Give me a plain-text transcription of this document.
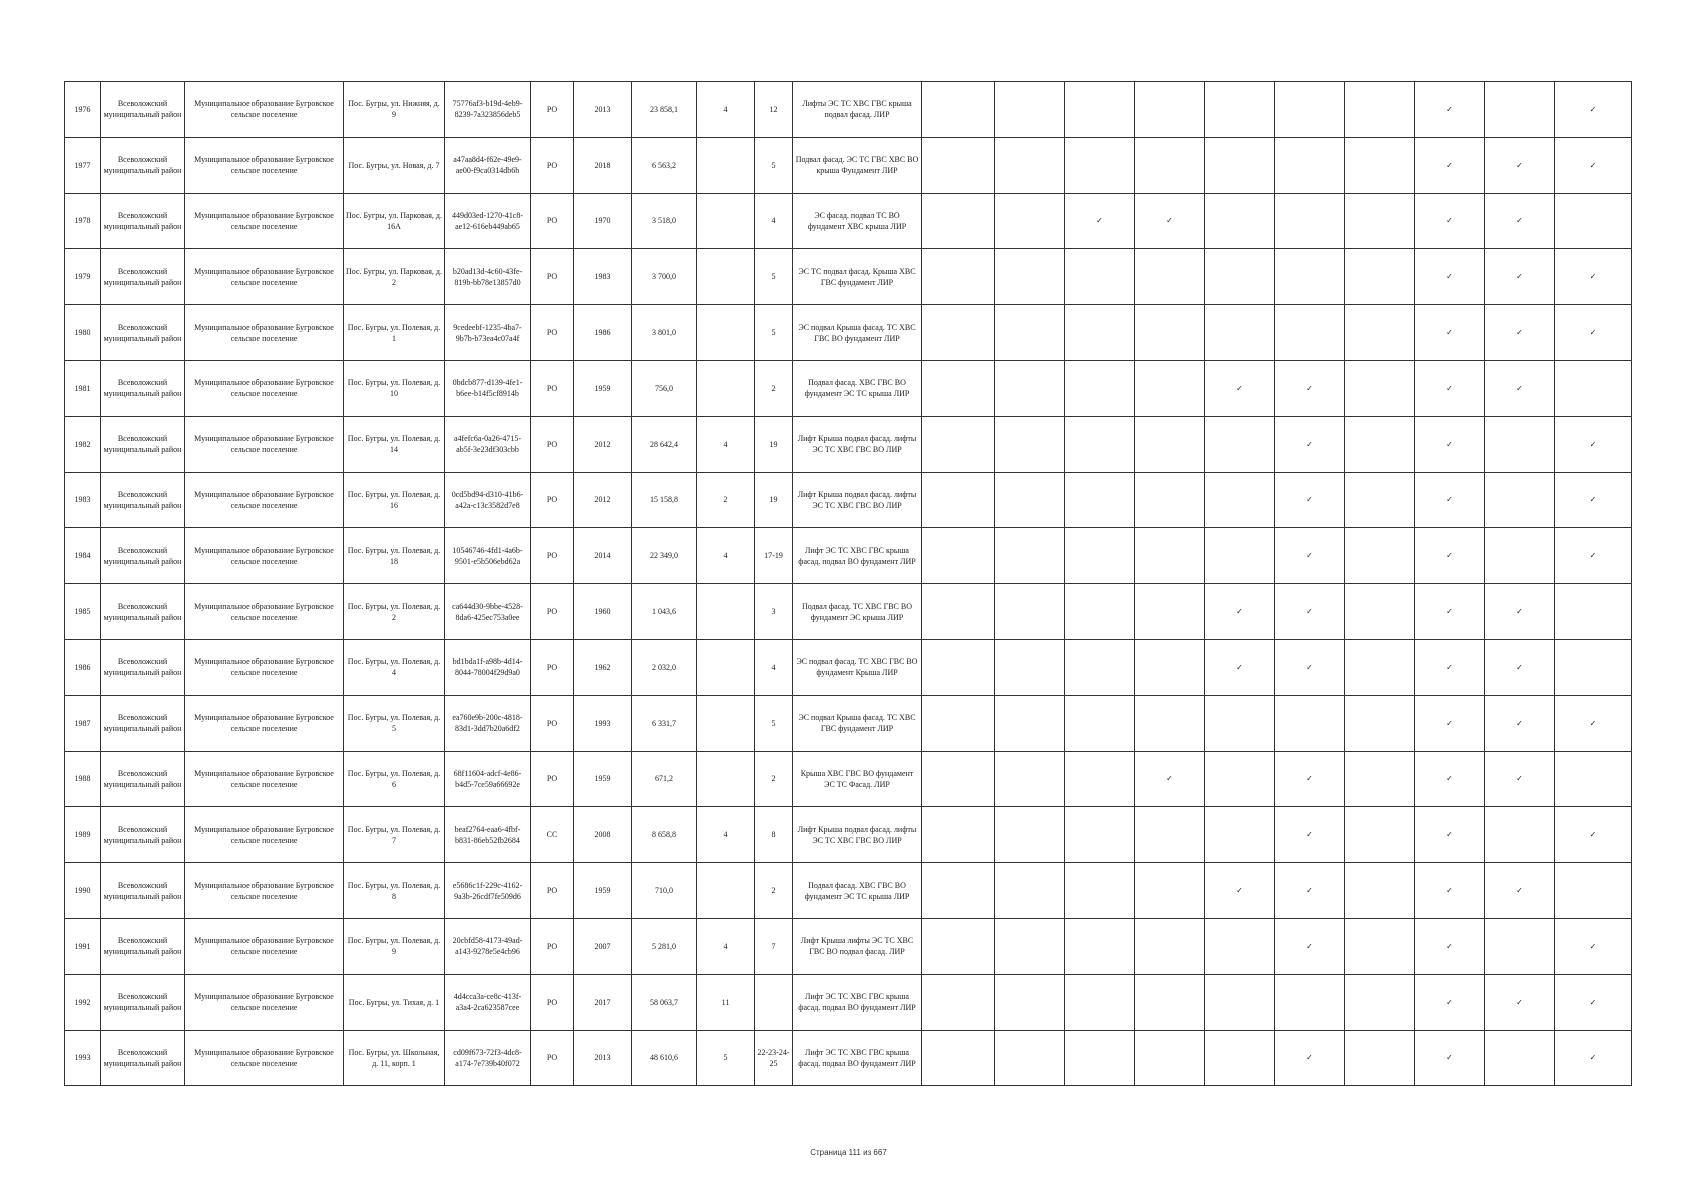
1976	Всеволожский муниципальный район	Муниципальное образование Бугровское сельское поселение	Пос. Бугры, ул. Нижняя, д. 9	75776af3-b19d-4eb9-8239-7a323856deb5	РО	2013	23 858,1	4	12	Лифты ЭС ТС ХВС ГВС крыша подвал фасад. ЛИР								✓		✓
1977	Всеволожский муниципальный район	Муниципальное образование Бугровское сельское поселение	Пос. Бугры, ул. Новая, д. 7	a47aa8d4-f62e-49e9-ae00-f9ca0314db6b	РО	2018	6 563,2		5	Подвал фасад. ЭС ТС ГВС ХВС ВО крыша Фундамент ЛИР								✓	✓	✓
1978	Всеволожский муниципальный район	Муниципальное образование Бугровское сельское поселение	Пос. Бугры, ул. Парковая, д. 16А	449d03ed-1270-41c8-ae12-616eb449ab65	РО	1970	3 518,0		4	ЭС фасад. подвал ТС ВО фундамент ХВС крыша ЛИР			✓	✓				✓	✓	
1979	Всеволожский муниципальный район	Муниципальное образование Бугровское сельское поселение	Пос. Бугры, ул. Парковая, д. 2	b20ad13d-4c60-43fe-819b-bb78e13857d0	РО	1983	3 700,0		5	ЭС ТС подвал фасад. Крыша ХВС ГВС фундамент ЛИР								✓	✓	✓
1980	Всеволожский муниципальный район	Муниципальное образование Бугровское сельское поселение	Пос. Бугры, ул. Полевая, д. 1	9cedeebf-1235-4ba7-9b7b-b73ea4c07a4f	РО	1986	3 801,0		5	ЭС подвал Крыша фасад. ТС ХВС ГВС ВО фундамент ЛИР								✓	✓	✓
1981	Всеволожский муниципальный район	Муниципальное образование Бугровское сельское поселение	Пос. Бугры, ул. Полевая, д. 10	0bdcb877-d139-4fe1-b6ee-b14f5cf8914b	РО	1959	756,0		2	Подвал фасад. ХВС ГВС ВО фундамент ЭС ТС крыша ЛИР					✓	✓		✓	✓	
1982	Всеволожский муниципальный район	Муниципальное образование Бугровское сельское поселение	Пос. Бугры, ул. Полевая, д. 14	a4fefc6a-0a26-4715-ab5f-3e23df303cbb	РО	2012	28 642,4	4	19	Лифт Крыша подвал фасад. лифты ЭС ТС ХВС ГВС ВО ЛИР						✓		✓		✓
1983	Всеволожский муниципальный район	Муниципальное образование Бугровское сельское поселение	Пос. Бугры, ул. Полевая, д. 16	0cd5bd94-d310-41b6-a42a-c13c3582d7e8	РО	2012	15 158,8	2	19	Лифт Крыша подвал фасад. лифты ЭС ТС ХВС ГВС ВО ЛИР						✓		✓		✓
1984	Всеволожский муниципальный район	Муниципальное образование Бугровское сельское поселение	Пос. Бугры, ул. Полевая, д. 18	10546746-4fd1-4a6b-9501-e5b506ebd62a	РО	2014	22 349,0	4	17-19	Лифт ЭС ТС ХВС ГВС крыша фасад. подвал ВО фундамент ЛИР						✓		✓		✓
1985	Всеволожский муниципальный район	Муниципальное образование Бугровское сельское поселение	Пос. Бугры, ул. Полевая, д. 2	ca644d30-9bbe-4528-8da6-425ec753a0ee	РО	1960	1 043,6		3	Подвал фасад. ТС ХВС ГВС ВО фундамент ЭС крыша ЛИР					✓	✓		✓	✓	
1986	Всеволожский муниципальный район	Муниципальное образование Бугровское сельское поселение	Пос. Бугры, ул. Полевая, д. 4	bd1bda1f-a98b-4d14-8044-78004f29d9a0	РО	1962	2 032,0		4	ЭС подвал фасад. ТС ХВС ГВС ВО фундамент Крыша ЛИР					✓	✓		✓	✓	
1987	Всеволожский муниципальный район	Муниципальное образование Бугровское сельское поселение	Пос. Бугры, ул. Полевая, д. 5	ea760e9b-200c-4818-83d1-3dd7b20a6df2	РО	1993	6 331,7		5	ЭС подвал Крыша фасад. ТС ХВС ГВС фундамент ЛИР								✓	✓	✓
1988	Всеволожский муниципальный район	Муниципальное образование Бугровское сельское поселение	Пос. Бугры, ул. Полевая, д. 6	68f11604-adcf-4e86-b4d5-7ce59a66692e	РО	1959	671,2		2	Крыша ХВС ГВС ВО фундамент ЭС ТС Фасад. ЛИР				✓		✓		✓	✓	
1989	Всеволожский муниципальный район	Муниципальное образование Бугровское сельское поселение	Пос. Бугры, ул. Полевая, д. 7	beaf2764-eaa6-4fbf-b831-86eb52fb2684	СС	2008	8 658,8	4	8	Лифт Крыша подвал фасад. лифты ЭС ТС ХВС ГВС ВО ЛИР						✓		✓		✓
1990	Всеволожский муниципальный район	Муниципальное образование Бугровское сельское поселение	Пос. Бугры, ул. Полевая, д. 8	e5686c1f-229c-4162-9a3b-26cdf7fe509d6	РО	1959	710,0		2	Подвал фасад. ХВС ГВС ВО фундамент ЭС ТС крыша ЛИР					✓	✓		✓	✓	
1991	Всеволожский муниципальный район	Муниципальное образование Бугровское сельское поселение	Пос. Бугры, ул. Полевая, д. 9	20cbfd58-4173-49ad-a143-9278e5e4cb96	РО	2007	5 281,0	4	7	Лифт Крыша лифты ЭС ТС ХВС ГВС ВО подвал фасад. ЛИР						✓		✓		✓
1992	Всеволожский муниципальный район	Муниципальное образование Бугровское сельское поселение	Пос. Бугры, ул. Тихая, д. 1	4d4cca3a-ce8c-413f-a3a4-2ca623587cee	РО	2017	58 063,7	11		Лифт ЭС ТС ХВС ГВС крыша фасад. подвал ВО фундамент ЛИР								✓	✓	✓
1993	Всеволожский муниципальный район	Муниципальное образование Бугровское сельское поселение	Пос. Бугры, ул. Школьная, д. 11, корп. 1	cd09f673-72f3-4dc8-a174-7e739b40f072	РО	2013	48 610,6	5	22-23-24-25	Лифт ЭС ТС ХВС ГВС крыша фасад. подвал ВО фундамент ЛИР						✓		✓		✓
Страница 111 из 667
